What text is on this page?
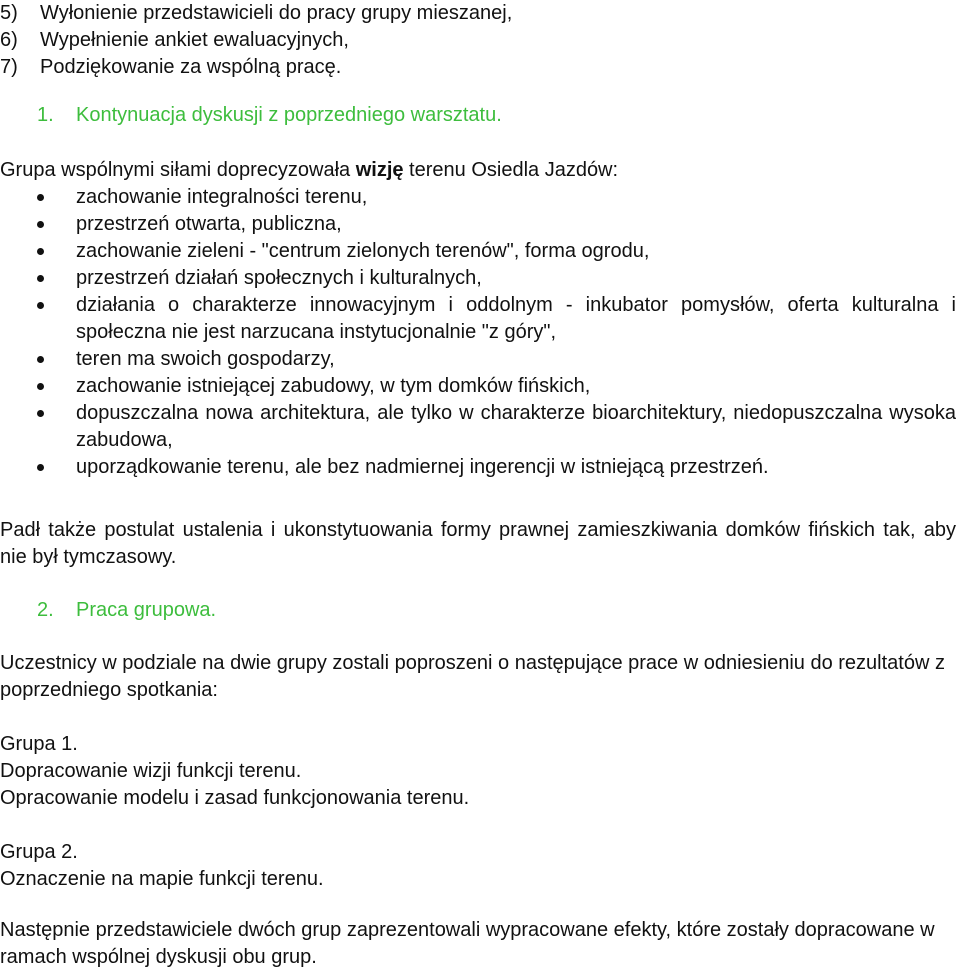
5) Wyłonienie przedstawicieli do pracy grupy mieszanej,
6) Wypełnienie ankiet ewaluacyjnych,
7) Podziękowanie za wspólną pracę.
1. Kontynuacja dyskusji z poprzedniego warsztatu.

Grupa wspólnymi siłami doprecyzowała wizję terenu Osiedla Jazdów:

zachowanie integralności terenu,
przestrzeń otwarta, publiczna,
zachowanie zieleni - "centrum zielonych terenów", forma ogrodu,
przestrzeń działań społecznych i kulturalnych,
działania o charakterze innowacyjnym i oddolnym - inkubator pomysłów, oferta kulturalna i społeczna nie jest narzucana instytucjonalnie "z góry",
teren ma swoich gospodarzy,
zachowanie istniejącej zabudowy, w tym domków fińskich,
dopuszczalna nowa architektura, ale tylko w charakterze bioarchitektury, niedopuszczalna wysoka zabudowa,
uporządkowanie terenu, ale bez nadmiernej ingerencji w istniejącą przestrzeń.

Padł także postulat ustalenia i ukonstytuowania formy prawnej zamieszkiwania domków fińskich tak, aby nie był tymczasowy.

2. Praca grupowa.

Uczestnicy w podziale na dwie grupy zostali poproszeni o następujące prace w odniesieniu do rezultatów z poprzedniego spotkania:

Grupa 1.
Dopracowanie wizji funkcji terenu.
Opracowanie modelu i zasad funkcjonowania terenu.
Grupa 2.
Oznaczenie na mapie funkcji terenu.

Następnie przedstawiciele dwóch grup zaprezentowali wypracowane efekty, które zostały dopracowane w ramach wspólnej dyskusji obu grup.
